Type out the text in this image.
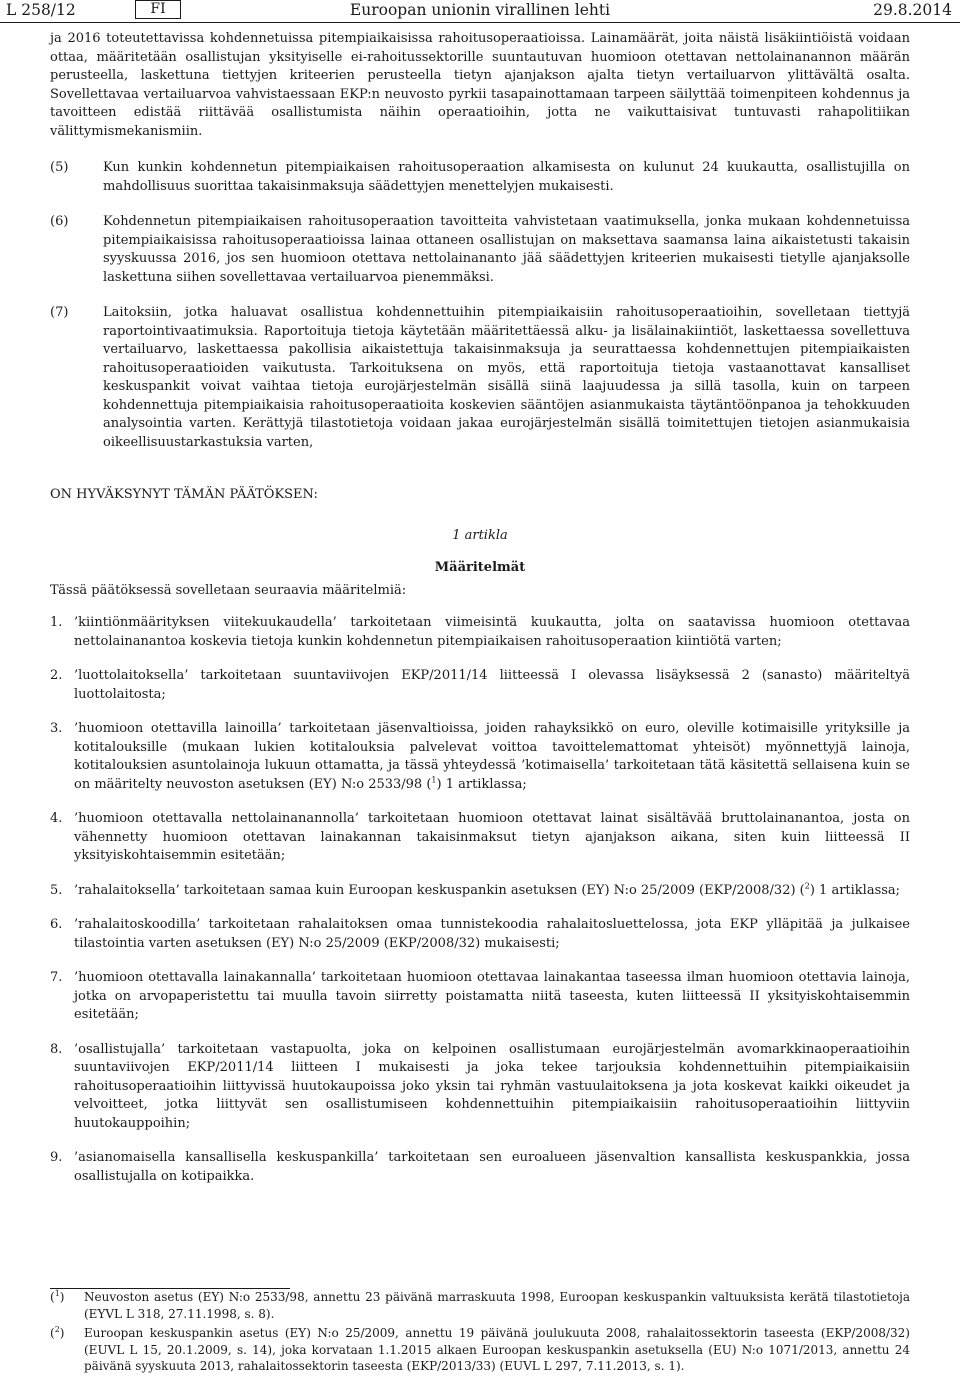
L 258/12	FI	Euroopan unionin virallinen lehti	29.8.2014

ja 2016 toteutettavissa kohdennetuissa pitempiaikaisissa rahoitusoperaatioissa. Lainamäärät, joita näistä lisäkiintiöistä voidaan ottaa, määritetään osallistujan yksityiselle ei-rahoitussektorille suuntautuvan huomioon otettavan nettolainanannon määrän perusteella, laskettuna tiettyjen kriteerien perusteella tietyn ajanjakson ajalta tietyn vertailuarvon ylittävältä osalta. Sovellettavaa vertailuarvoa vahvistaessaan EKP:n neuvosto pyrkii tasapainottamaan tarpeen säilyttää toimenpiteen kohdennus ja tavoitteen edistää riittävää osallistumista näihin operaatioihin, jotta ne vaikuttaisivat tuntuvasti rahapolitiikan välittymismekanismiin.

(5)	Kun kunkin kohdennetun pitempiaikaisen rahoitusoperaation alkamisesta on kulunut 24 kuukautta, osallistujilla on mahdollisuus suorittaa takaisinmaksuja säädettyjen menettelyjen mukaisesti.

(6)	Kohdennetun pitempiaikaisen rahoitusoperaation tavoitteita vahvistetaan vaatimuksella, jonka mukaan kohdennetuissa pitempiaikaisissa rahoitusoperaatioissa lainaa ottaneen osallistujan on maksettava saamansa laina aikaistetusti takaisin syyskuussa 2016, jos sen huomioon otettava nettolainananto jää säädettyjen kriteerien mukaisesti tietylle ajanjaksolle laskettuna siihen sovellettavaa vertailuarvoa pienemmäksi.

(7)	Laitoksiin, jotka haluavat osallistua kohdennettuihin pitempiaikaisiin rahoitusoperaatioihin, sovelletaan tiettyjä raportointivaatimuksia. Raportoituja tietoja käytetään määritettäessä alku- ja lisälainakiintiöt, laskettaessa sovellettuva vertailuarvo, laskettaessa pakollisia aikaistettuja takaisinmaksuja ja seurattaessa kohdennettujen pitempiaikaisten rahoitusoperaatioiden vaikutusta. Tarkoituksena on myös, että raportoituja tietoja vastaanottavat kansalliset keskuspankit voivat vaihtaa tietoja eurojärjestelmän sisällä siinä laajuudessa ja sillä tasolla, kuin on tarpeen kohdennettuja pitempiaikaisia rahoitusoperaatioita koskevien sääntöjen asianmukaista täytäntöönpanoa ja tehokkuuden analysointia varten. Kerättyjä tilastotietoja voidaan jakaa eurojärjestelmän sisällä toimitettujen tietojen asianmukaisia oikeellisuustarkastuksia varten,

ON HYVÄKSYNYT TÄMÄN PÄÄTÖKSEN:

1 artikla

Määritelmät

Tässä päätöksessä sovelletaan seuraavia määritelmiä:

1. ’kiintiönmäärityksen viitekuukaudella’ tarkoitetaan viimeisintä kuukautta, jolta on saatavissa huomioon otettavaa nettolainanantoa koskevia tietoja kunkin kohdennetun pitempiaikaisen rahoitusoperaation kiintiötä varten;

2. ’luottolaitoksella’ tarkoitetaan suuntaviivojen EKP/2011/14 liitteessä I olevassa lisäyksessä 2 (sanasto) määriteltyä luottolaitosta;

3. ’huomioon otettavilla lainoilla’ tarkoitetaan jäsenvaltioissa, joiden rahayksikkö on euro, oleville kotimaisille yrityksille ja kotitalouksille (mukaan lukien kotitalouksia palvelevat voittoa tavoittelemattomat yhteisöt) myönnettyjä lainoja, kotitalouksien asuntolainoja lukuun ottamatta, ja tässä yhteydessä ’kotimaisella’ tarkoitetaan tätä käsitettä sellaisena kuin se on määritelty neuvoston asetuksen (EY) N:o 2533/98 ($^1$) 1 artiklassa;

4. ’huomioon otettavalla nettolainanannolla’ tarkoitetaan huomioon otettavat lainat sisältävää bruttolainanantoa, josta on vähennetty huomioon otettavan lainakannan takaisinmaksut tietyn ajanjakson aikana, siten kuin liitteessä II yksityiskohtaisemmin esitetään;

5. ’rahalaitoksella’ tarkoitetaan samaa kuin Euroopan keskuspankin asetuksen (EY) N:o 25/2009 (EKP/2008/32) ($^2$) 1 artiklassa;

6. ’rahalaitoskoodilla’ tarkoitetaan rahalaitoksen omaa tunnistekoodia rahalaitosluettelossa, jota EKP ylläpitää ja julkaisee tilastointia varten asetuksen (EY) N:o 25/2009 (EKP/2008/32) mukaisesti;

7. ’huomioon otettavalla lainakannalla’ tarkoitetaan huomioon otettavaa lainakantaa taseessa ilman huomioon otettavia lainoja, jotka on arvopaperistettu tai muulla tavoin siirretty poistamatta niitä taseesta, kuten liitteessä II yksityiskohtaisemmin esitetään;

8. ’osallistujalla’ tarkoitetaan vastapuolta, joka on kelpoinen osallistumaan eurojärjestelmän avomarkkinaoperaatioihin suuntaviivojen EKP/2011/14 liitteen I mukaisesti ja joka tekee tarjouksia kohdennettuihin pitempiaikaisiin rahoitusoperaatioihin liittyvissä huutokaupoissa joko yksin tai ryhmän vastuulaitoksena ja jota koskevat kaikki oikeudet ja velvoitteet, jotka liittyvät sen osallistumiseen kohdennettuihin pitempiaikaisiin rahoitusoperaatioihin liittyviin huutokauppoihin;

9. ’asianomaisella kansallisella keskuspankilla’ tarkoitetaan sen euroalueen jäsenvaltion kansallista keskuspankkia, jossa osallistujalla on kotipaikka.

($^1$) Neuvoston asetus (EY) N:o 2533/98, annettu 23 päivänä marraskuuta 1998, Euroopan keskuspankin valtuuksista kerätä tilastotietoja (EYVL L 318, 27.11.1998, s. 8).
($^2$) Euroopan keskuspankin asetus (EY) N:o 25/2009, annettu 19 päivänä joulukuuta 2008, rahalaitossektorin taseesta (EKP/2008/32) (EUVL L 15, 20.1.2009, s. 14), joka korvataan 1.1.2015 alkaen Euroopan keskuspankin asetuksella (EU) N:o 1071/2013, annettu 24 päivänä syyskuuta 2013, rahalaitossektorin taseesta (EKP/2013/33) (EUVL L 297, 7.11.2013, s. 1).
